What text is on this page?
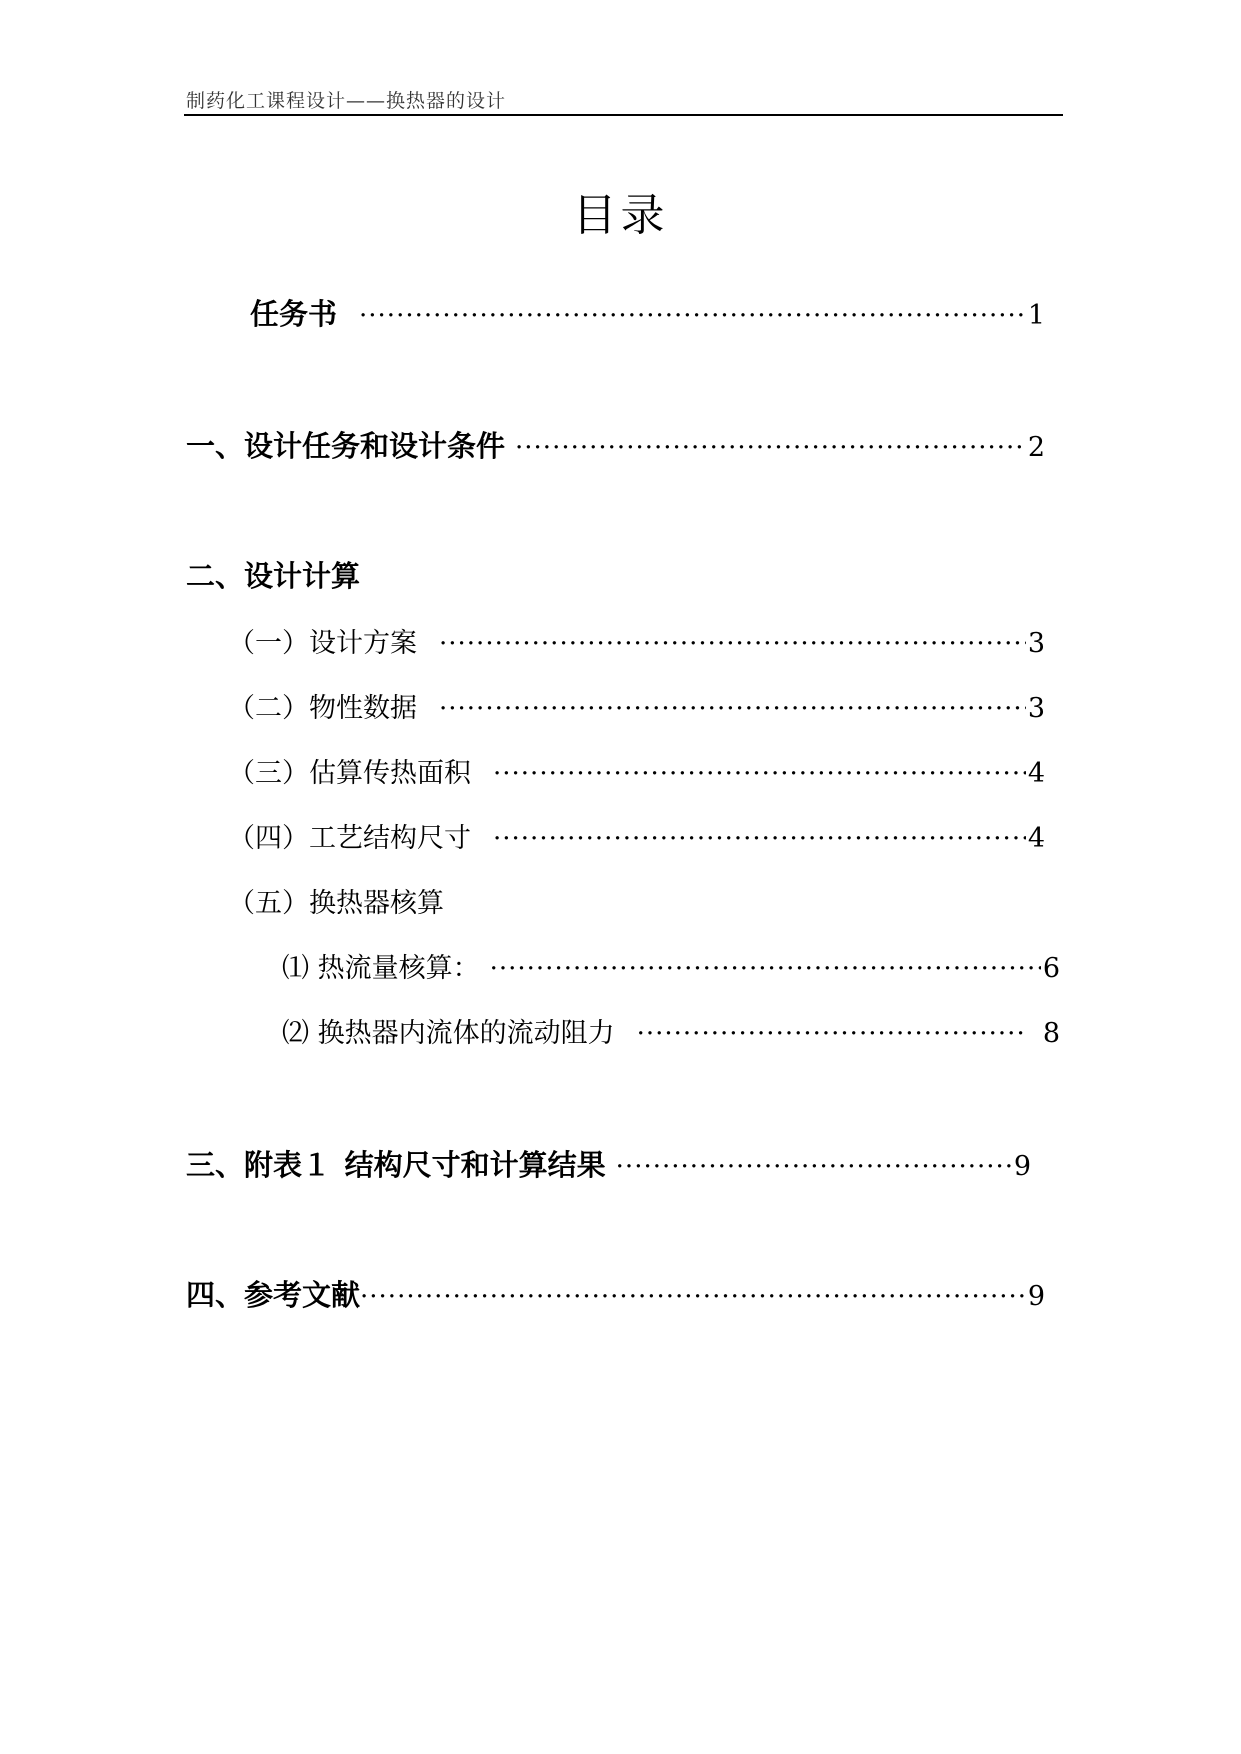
制药化工课程设计——换热器的设计
目录
任务书 ·····	1
一、设计任务和设计条件 ·····	2
二、设计计算
（一）设计方案 ·····	3
（二）物性数据 ·····	3
（三）估算传热面积 ·····	4
（四）工艺结构尺寸 ·····	4
（五）换热器核算
⑴ 热流量核算： ·····	6
⑵ 换热器内流体的流动阻力 ·····	8
三、附表１ 结构尺寸和计算结果 ·····	9
四、参考文献 ·····	9
